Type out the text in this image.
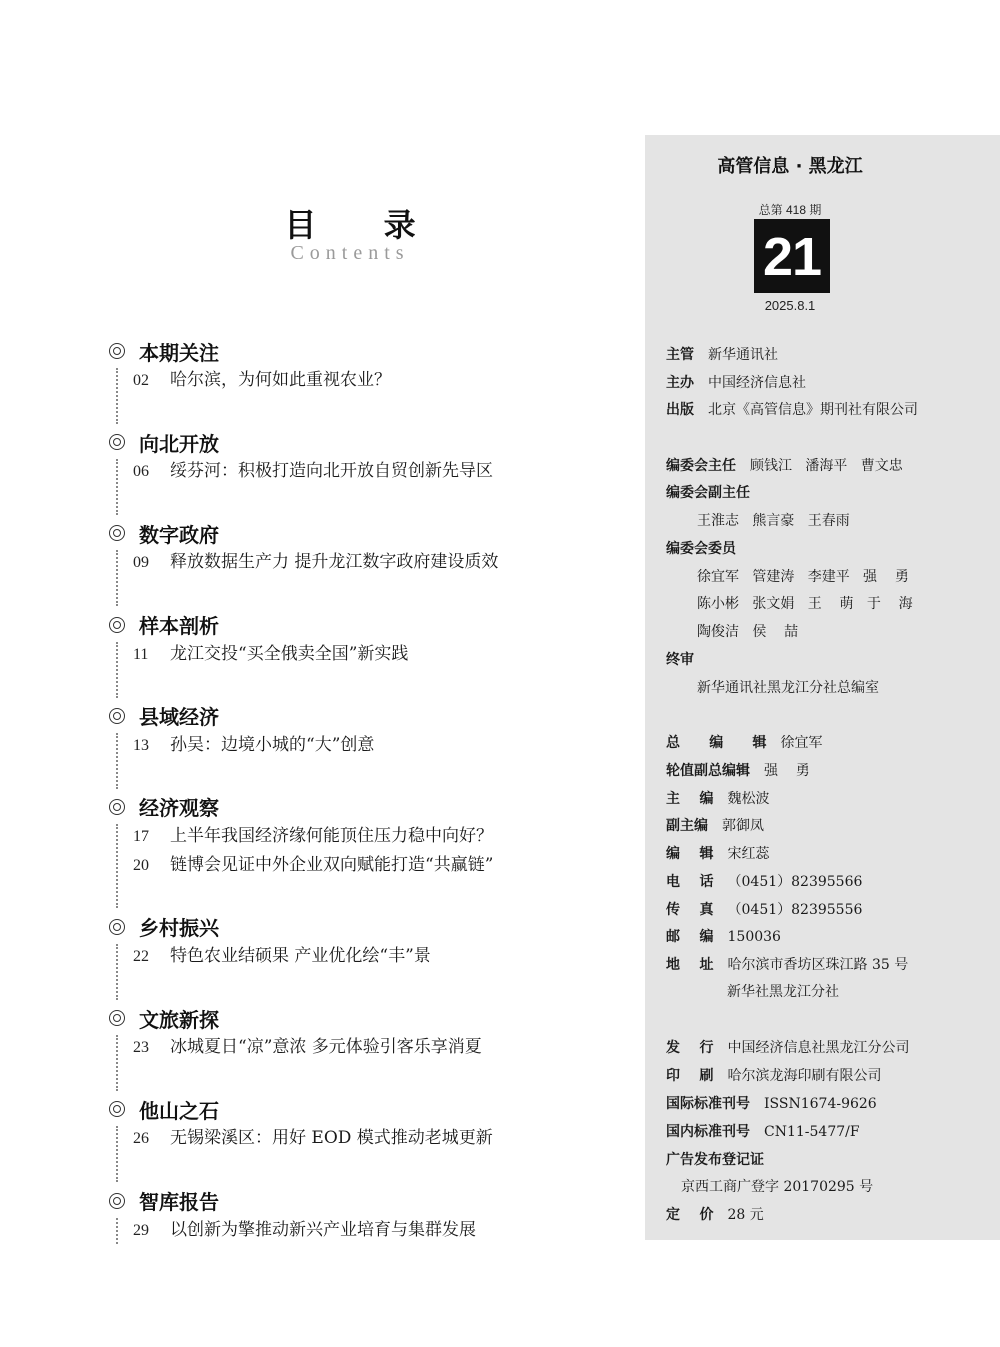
目 录
Contents
本期关注
02	哈尔滨，为何如此重视农业？
向北开放
06	绥芬河：积极打造向北开放自贸创新先导区
数字政府
09	释放数据生产力 提升龙江数字政府建设质效
样本剖析
11	龙江交投“买全俄卖全国”新实践
县域经济
13	孙吴：边境小城的“大”创意
经济观察
17	上半年我国经济缘何能顶住压力稳中向好？
20	链博会见证中外企业双向赋能打造“共赢链”
乡村振兴
22	特色农业结硕果 产业优化绘“丰”景
文旅新探
23	冰城夏日“凉”意浓 多元体验引客乐享消夏
他山之石
26	无锡梁溪区：用好 EOD 模式推动老城更新
智库报告
29	以创新为擎推动新兴产业培育与集群发展
高管信息 · 黑龙江
总第 418 期
21
2025.8.1
主管 新华通讯社
主办 中国经济信息社
出版 北京《高管信息》期刊社有限公司
编委会主任 顾钱江   潘海平   曹文忠
编委会副主任
王淮志   熊言豪   王春雨
编委会委员
徐宜军   管建涛   李建平   强    勇
陈小彬   张文娟   王    萌   于    海
陶俊洁   侯    喆
终审
新华通讯社黑龙江分社总编室
总      编      辑 徐宜军
轮值副总编辑 强    勇
主    编 魏松波
副主编 郭御凤
编    辑 宋红蕊
电    话 （0451）82395566
传    真 （0451）82395556
邮    编 150036
地    址 哈尔滨市香坊区珠江路 35 号
新华社黑龙江分社
发    行 中国经济信息社黑龙江分公司
印    刷 哈尔滨龙海印刷有限公司
国际标准刊号 ISSN1674-9626
国内标准刊号 CN11-5477/F
广告发布登记证
京西工商广登字 20170295 号
定    价 28 元
